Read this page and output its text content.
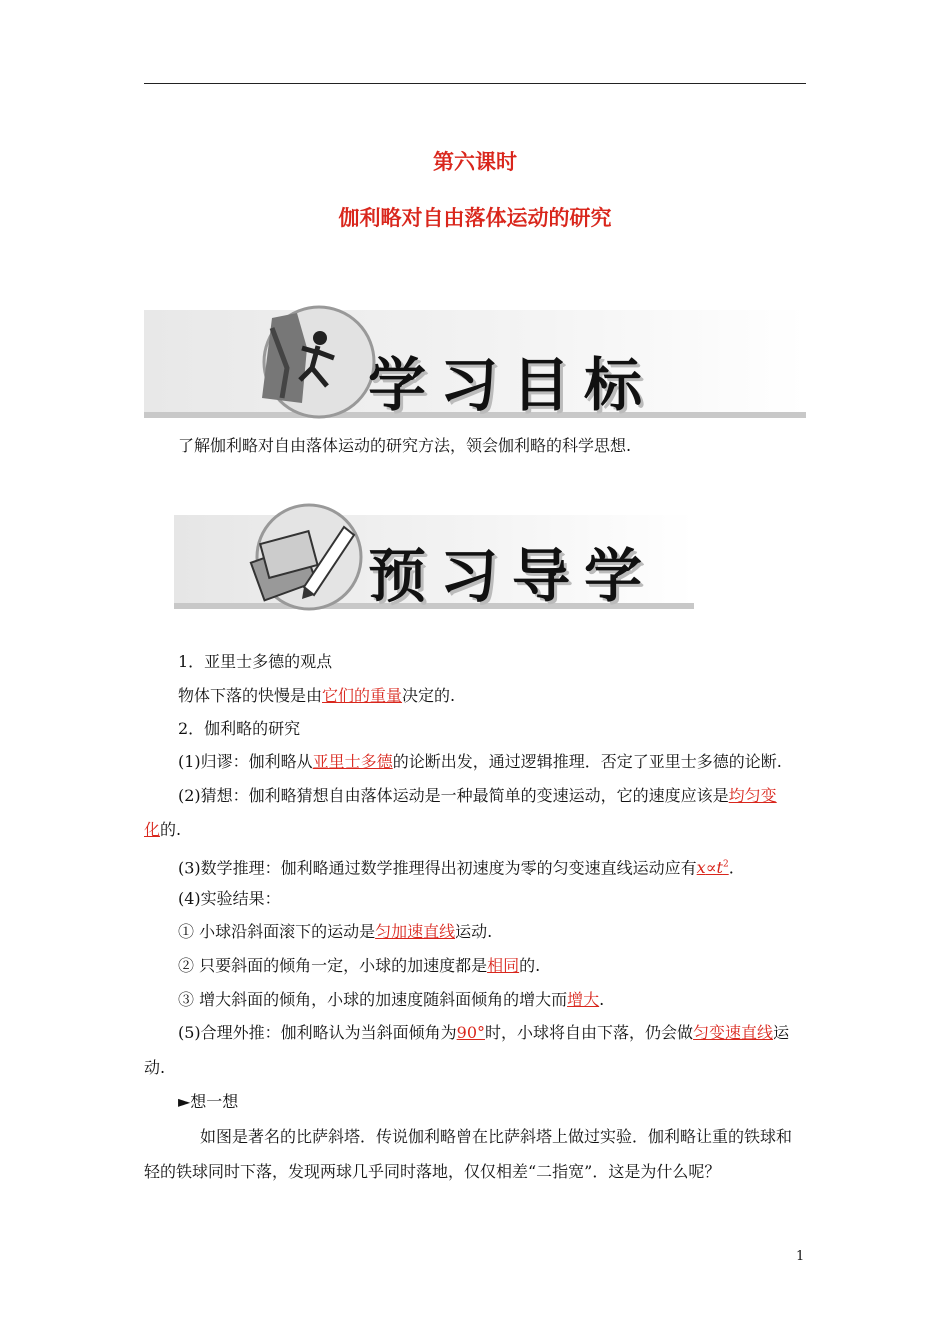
第六课时
伽利略对自由落体运动的研究
学习目标
了解伽利略对自由落体运动的研究方法，领会伽利略的科学思想.
预习导学
1．亚里士多德的观点
物体下落的快慢是由它们的重量决定的.
2．伽利略的研究
(1)归谬：伽利略从亚里士多德的论断出发，通过逻辑推理．否定了亚里士多德的论断.
(2)猜想：伽利略猜想自由落体运动是一种最简单的变速运动，它的速度应该是均匀变
化的.
(3)数学推理：伽利略通过数学推理得出初速度为零的匀变速直线运动应有$x\propto t^2$.
(4)实验结果：
① 小球沿斜面滚下的运动是匀加速直线运动.
② 只要斜面的倾角一定，小球的加速度都是相同的.
③ 增大斜面的倾角，小球的加速度随斜面倾角的增大而增大.
(5)合理外推：伽利略认为当斜面倾角为90°时，小球将自由下落，仍会做匀变速直线运
动.
►想一想
如图是著名的比萨斜塔．传说伽利略曾在比萨斜塔上做过实验．伽利略让重的铁球和
轻的铁球同时下落，发现两球几乎同时落地，仅仅相差“二指宽”．这是为什么呢？
1
